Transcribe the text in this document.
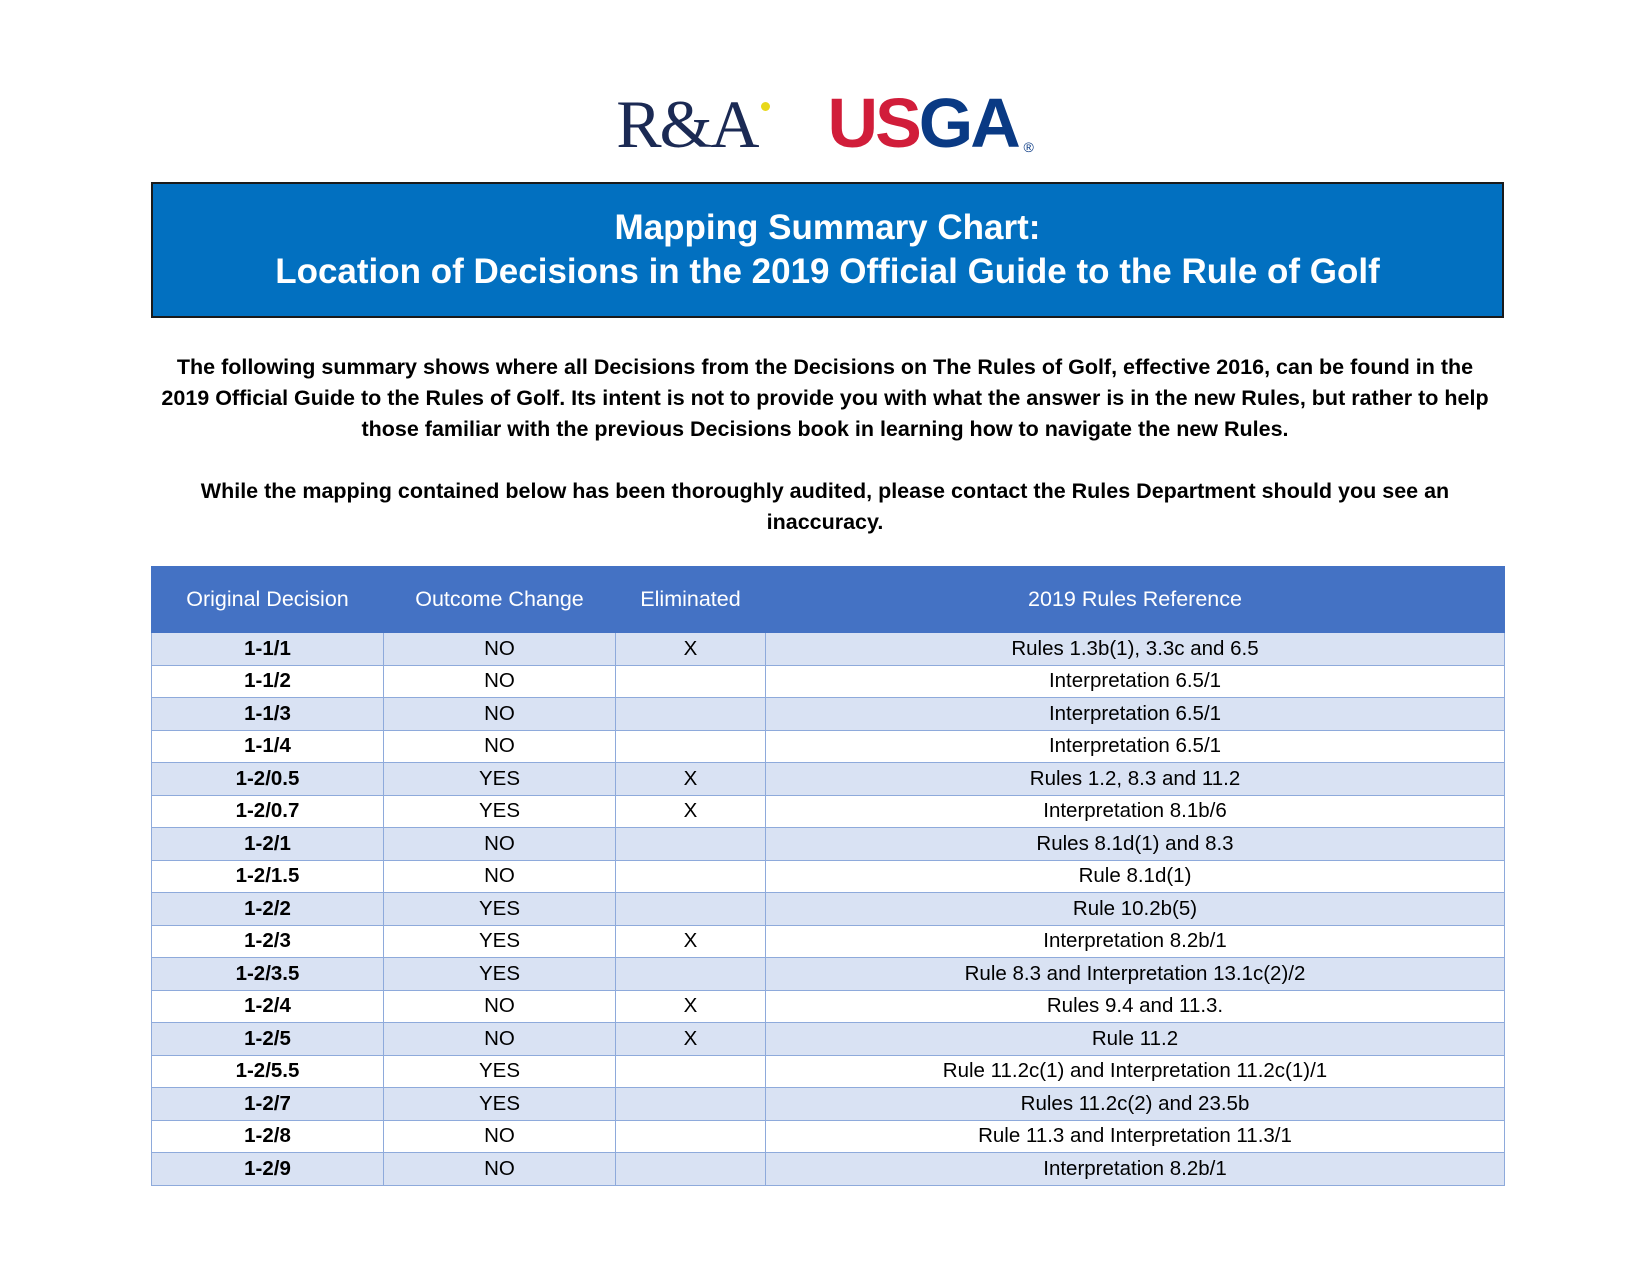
R&A USGA ®
Mapping Summary Chart:
Location of Decisions in the 2019 Official Guide to the Rule of Golf

The following summary shows where all Decisions from the Decisions on The Rules of Golf, effective 2016, can be found in the 2019 Official Guide to the Rules of Golf. Its intent is not to provide you with what the answer is in the new Rules, but rather to help those familiar with the previous Decisions book in learning how to navigate the new Rules.

While the mapping contained below has been thoroughly audited, please contact the Rules Department should you see an inaccuracy.

Original Decision	Outcome Change	Eliminated	2019 Rules Reference
1-1/1	NO	X	Rules 1.3b(1), 3.3c and 6.5
1-1/2	NO		Interpretation 6.5/1
1-1/3	NO		Interpretation 6.5/1
1-1/4	NO		Interpretation 6.5/1
1-2/0.5	YES	X	Rules 1.2, 8.3 and 11.2
1-2/0.7	YES	X	Interpretation 8.1b/6
1-2/1	NO		Rules 8.1d(1) and 8.3
1-2/1.5	NO		Rule 8.1d(1)
1-2/2	YES		Rule 10.2b(5)
1-2/3	YES	X	Interpretation 8.2b/1
1-2/3.5	YES		Rule 8.3 and Interpretation 13.1c(2)/2
1-2/4	NO	X	Rules 9.4 and 11.3.
1-2/5	NO	X	Rule 11.2
1-2/5.5	YES		Rule 11.2c(1) and Interpretation 11.2c(1)/1
1-2/7	YES		Rules 11.2c(2) and 23.5b
1-2/8	NO		Rule 11.3 and Interpretation 11.3/1
1-2/9	NO		Interpretation 8.2b/1
